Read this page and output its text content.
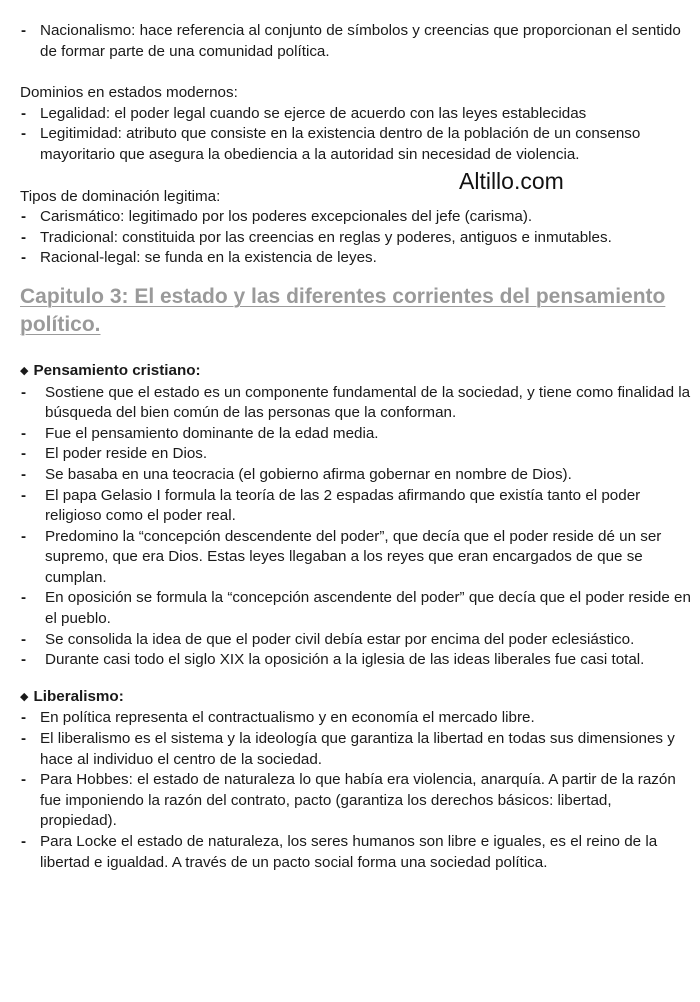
Altillo.com
- Nacionalismo: hace referencia al conjunto de símbolos y creencias que proporcionan el sentido de formar parte de una comunidad política.

Dominios en estados modernos:

- Legalidad: el poder legal cuando se ejerce de acuerdo con las leyes establecidas
- Legitimidad: atributo que consiste en la existencia dentro de la población de un consenso mayoritario que asegura la obediencia a la autoridad sin necesidad de violencia.

Tipos de dominación legitima:

- Carismático: legitimado por los poderes excepcionales del jefe (carisma).
- Tradicional: constituida por las creencias en reglas y poderes, antiguos e inmutables.
- Racional-legal: se funda en la existencia de leyes.
Capitulo 3: El estado y las diferentes corrientes del pensamiento político.
◆ Pensamiento cristiano:
- Sostiene que el estado es un componente fundamental de la sociedad, y tiene como finalidad la búsqueda del bien común de las personas que la conforman.
- Fue el pensamiento dominante de la edad media.
- El poder reside en Dios.
- Se basaba en una teocracia (el gobierno afirma gobernar en nombre de Dios).
- El papa Gelasio I formula la teoría de las 2 espadas afirmando que existía tanto el poder religioso como el poder real.
- Predomino la “concepción descendente del poder”, que decía que el poder reside dé un ser supremo, que era Dios. Estas leyes llegaban a los reyes que eran encargados de que se cumplan.
- En oposición se formula la “concepción ascendente del poder” que decía que el poder reside en el pueblo.
- Se consolida la idea de que el poder civil debía estar por encima del poder eclesiástico.
- Durante casi todo el siglo XIX la oposición a la iglesia de las ideas liberales fue casi total.
◆ Liberalismo:
- En política representa el contractualismo y en economía el mercado libre.
- El liberalismo es el sistema y la ideología que garantiza la libertad en todas sus dimensiones y hace al individuo el centro de la sociedad.
- Para Hobbes: el estado de naturaleza lo que había era violencia, anarquía. A partir de la razón fue imponiendo la razón del contrato, pacto (garantiza los derechos básicos: libertad, propiedad).
- Para Locke el estado de naturaleza, los seres humanos son libre e iguales, es el reino de la libertad e igualdad. A través de un pacto social forma una sociedad política.
